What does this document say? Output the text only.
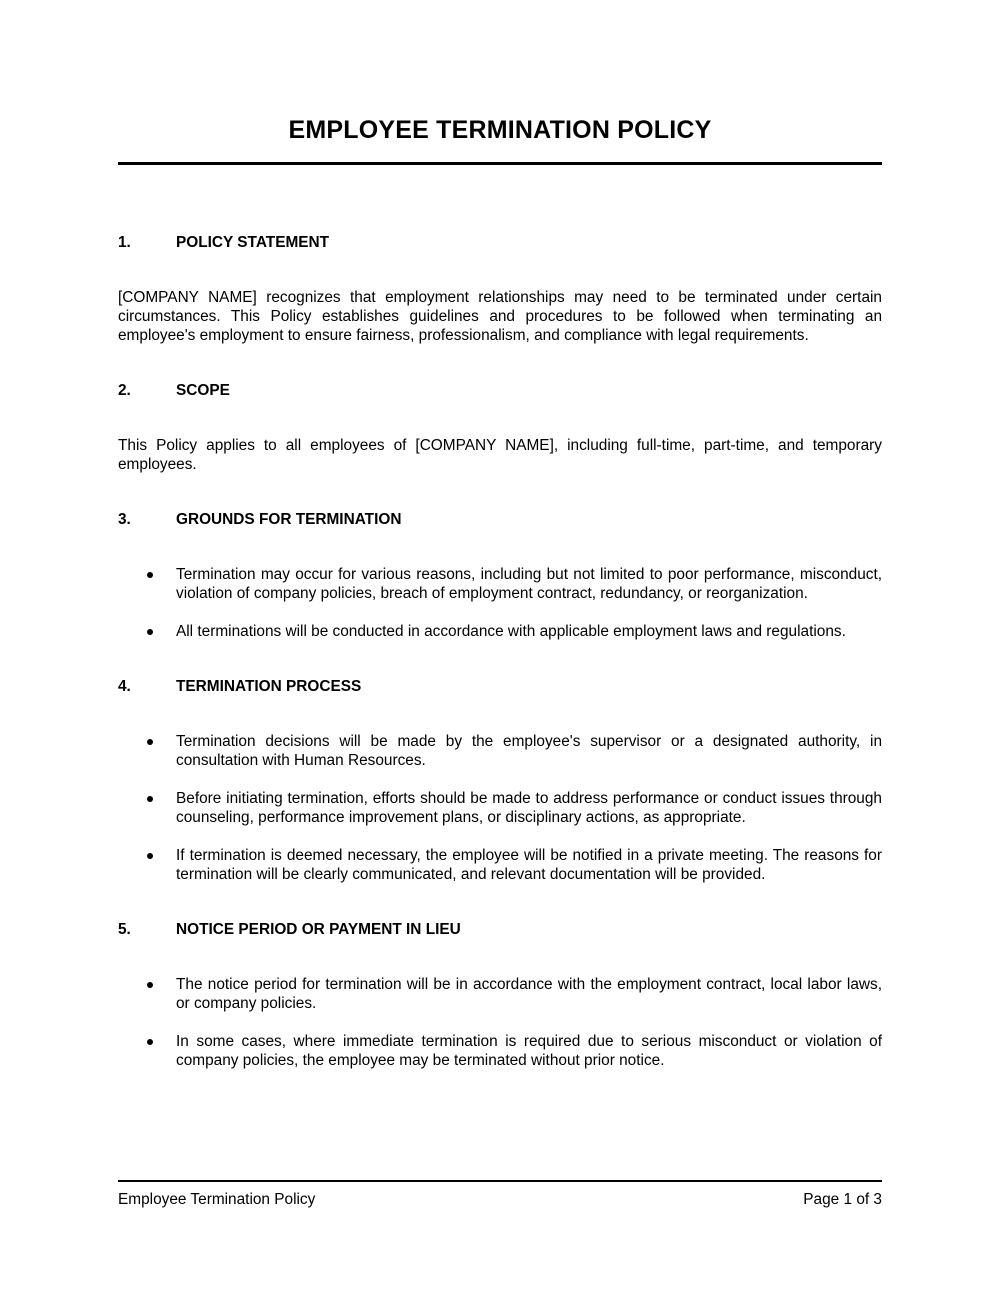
EMPLOYEE TERMINATION POLICY
1.	POLICY STATEMENT

[COMPANY NAME] recognizes that employment relationships may need to be terminated under certain circumstances. This Policy establishes guidelines and procedures to be followed when terminating an employee's employment to ensure fairness, professionalism, and compliance with legal requirements.

2.	SCOPE

This Policy applies to all employees of [COMPANY NAME], including full-time, part-time, and temporary employees.

3.	GROUNDS FOR TERMINATION
Termination may occur for various reasons, including but not limited to poor performance, misconduct, violation of company policies, breach of employment contract, redundancy, or reorganization.
All terminations will be conducted in accordance with applicable employment laws and regulations.
4.	TERMINATION PROCESS
Termination decisions will be made by the employee's supervisor or a designated authority, in consultation with Human Resources.
Before initiating termination, efforts should be made to address performance or conduct issues through counseling, performance improvement plans, or disciplinary actions, as appropriate.
If termination is deemed necessary, the employee will be notified in a private meeting. The reasons for termination will be clearly communicated, and relevant documentation will be provided.
5.	NOTICE PERIOD OR PAYMENT IN LIEU
The notice period for termination will be in accordance with the employment contract, local labor laws, or company policies.
In some cases, where immediate termination is required due to serious misconduct or violation of company policies, the employee may be terminated without prior notice.
Employee Termination Policy	Page 1 of 3
